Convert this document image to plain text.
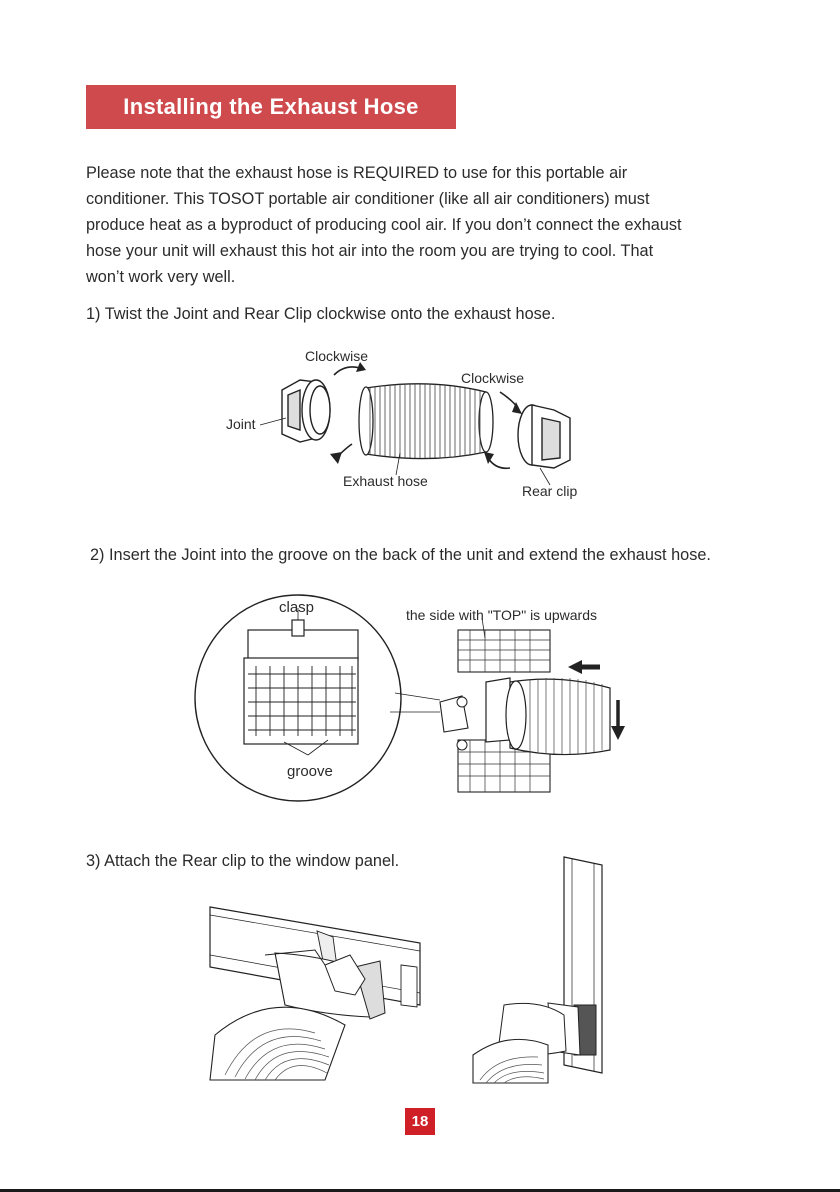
Installing the Exhaust Hose
Please note that the exhaust hose is REQUIRED to use for this portable air
conditioner. This TOSOT portable air conditioner (like all air conditioners) must
produce heat as a byproduct of producing cool air. If you don’t connect the exhaust
hose your unit will exhaust this hot air into the room you are trying to cool. That
won’t work very well.
1) Twist the Joint and Rear Clip clockwise onto the exhaust hose.
Clockwise
Clockwise
Joint
Exhaust hose
Rear clip
2) Insert the Joint into the groove on the back of the unit and extend the exhaust hose.
clasp	the side with "TOP" is upwards
groove
3) Attach the Rear clip to the window panel.
18
